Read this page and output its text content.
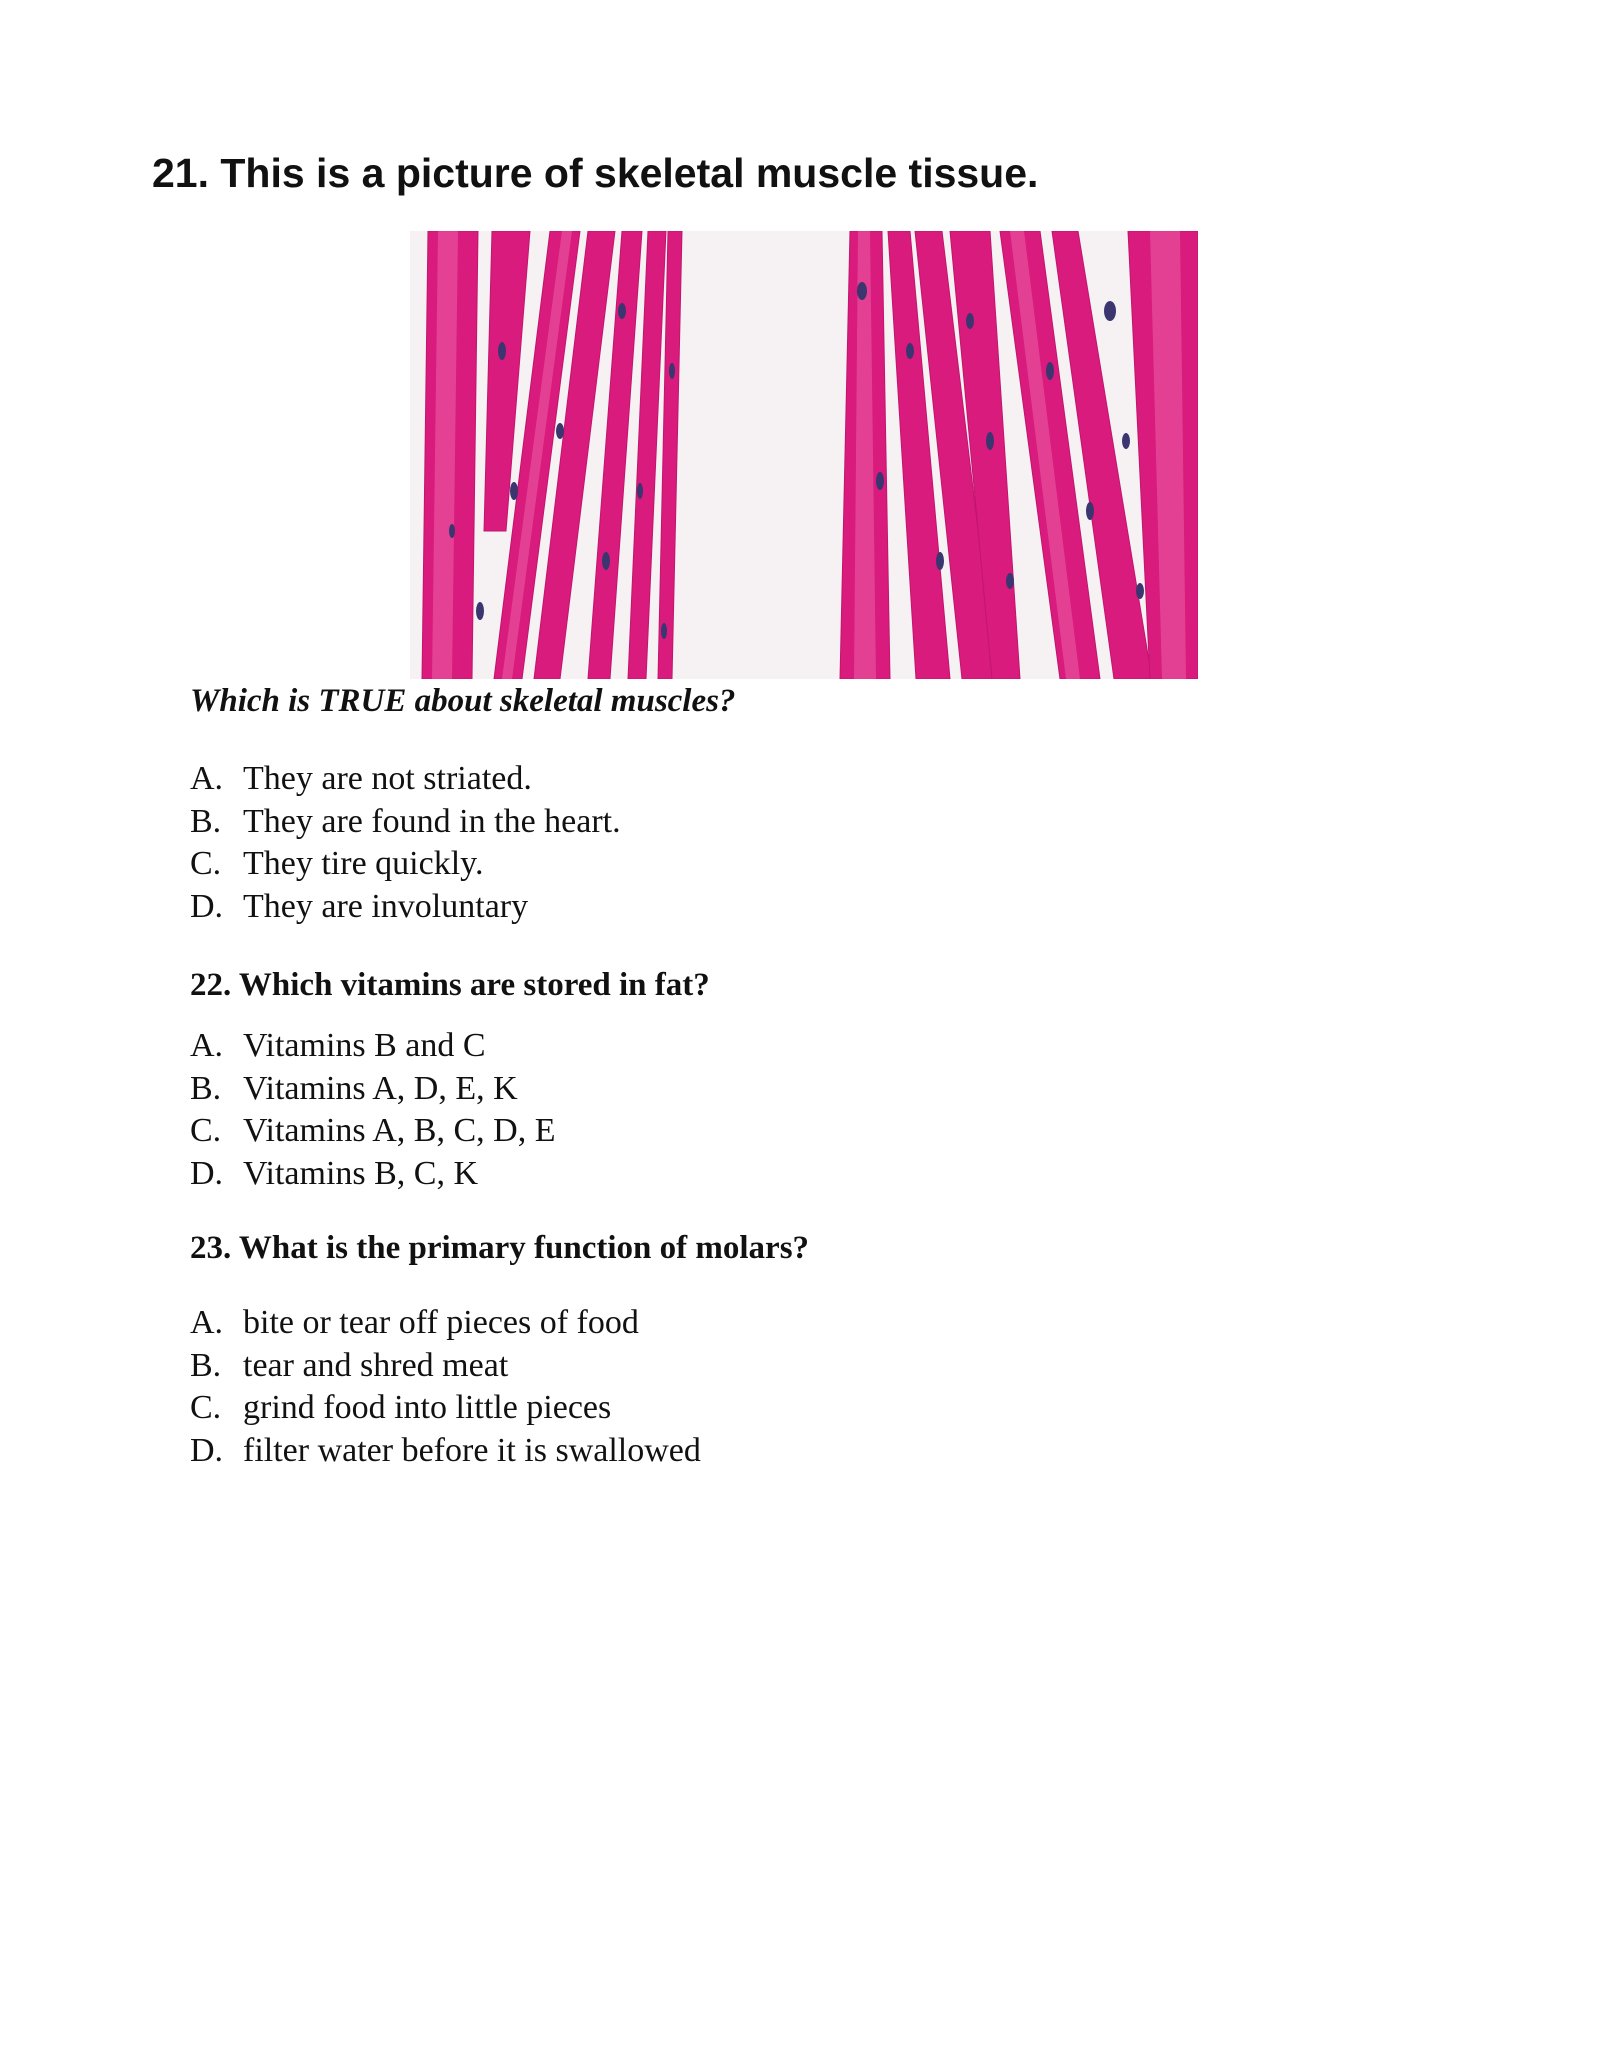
21. This is a picture of skeletal muscle tissue.

Which is TRUE about skeletal muscles?

A. They are not striated.
B. They are found in the heart.
C. They tire quickly.
D. They are involuntary
22. Which vitamins are stored in fat?
A. Vitamins B and C
B. Vitamins A, D, E, K
C. Vitamins A, B, C, D, E
D. Vitamins B, C, K
23. What is the primary function of molars?
A. bite or tear off pieces of food
B. tear and shred meat
C. grind food into little pieces
D. filter water before it is swallowed
